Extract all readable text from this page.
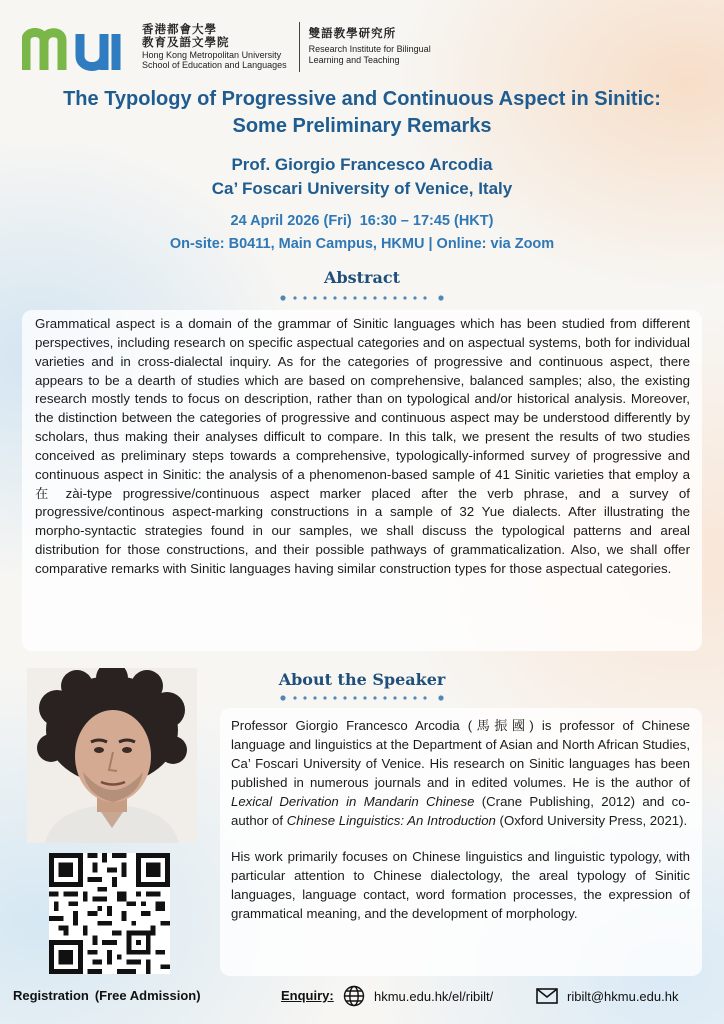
香港都會大學
教育及語文學院
Hong Kong Metropolitan University
School of Education and Languages
雙語教學研究所
Research Institute for Bilingual
Learning and Teaching
The Typology of Progressive and Continuous Aspect in Sinitic:
Some Preliminary Remarks
Prof. Giorgio Francesco Arcodia
Ca’ Foscari University of Venice, Italy
24 April 2026 (Fri) 16:30 – 17:45 (HKT)
On-site: B0411, Main Campus, HKMU | Online: via Zoom
Abstract

Grammatical aspect is a domain of the grammar of Sinitic languages which has been studied from different perspectives, including research on specific aspectual categories and on aspectual systems, both for individual varieties and in cross-dialectal inquiry. As for the categories of progressive and continuous aspect, there appears to be a dearth of studies which are based on comprehensive, balanced samples; also, the existing research mostly tends to focus on description, rather than on typological and/or historical analysis. Moreover, the distinction between the categories of progressive and continuous aspect may be understood differently by scholars, thus making their analyses difficult to compare. In this talk, we present the results of two studies conceived as preliminary steps towards a comprehensive, typologically-informed survey of progressive and continuous aspect in Sinitic: the analysis of a phenomenon-based sample of 41 Sinitic varieties that employ a 在 zài-type progressive/continuous aspect marker placed after the verb phrase, and a survey of progressive/continous aspect-marking constructions in a sample of 32 Yue dialects. After illustrating the morpho-syntactic strategies found in our samples, we shall discuss the typological patterns and areal distribution for those constructions, and their possible pathways of grammaticalization. Also, we shall offer comparative remarks with Sinitic languages having similar construction types for those aspectual categories.

About the Speaker

Professor Giorgio Francesco Arcodia (馬振國) is professor of Chinese language and linguistics at the Department of Asian and North African Studies, Ca’ Foscari University of Venice. His research on Sinitic languages has been published in numerous journals and in edited volumes. He is the author of Lexical Derivation in Mandarin Chinese (Crane Publishing, 2012) and co-author of Chinese Linguistics: An Introduction (Oxford University Press, 2021).

His work primarily focuses on Chinese linguistics and linguistic typology, with particular attention to Chinese dialectology, the areal typology of Sinitic languages, language contact, word formation processes, the expression of grammatical meaning, and the development of morphology.

Registration (Free Admission)	Enquiry:	hkmu.edu.hk/el/ribilt/	ribilt@hkmu.edu.hk
